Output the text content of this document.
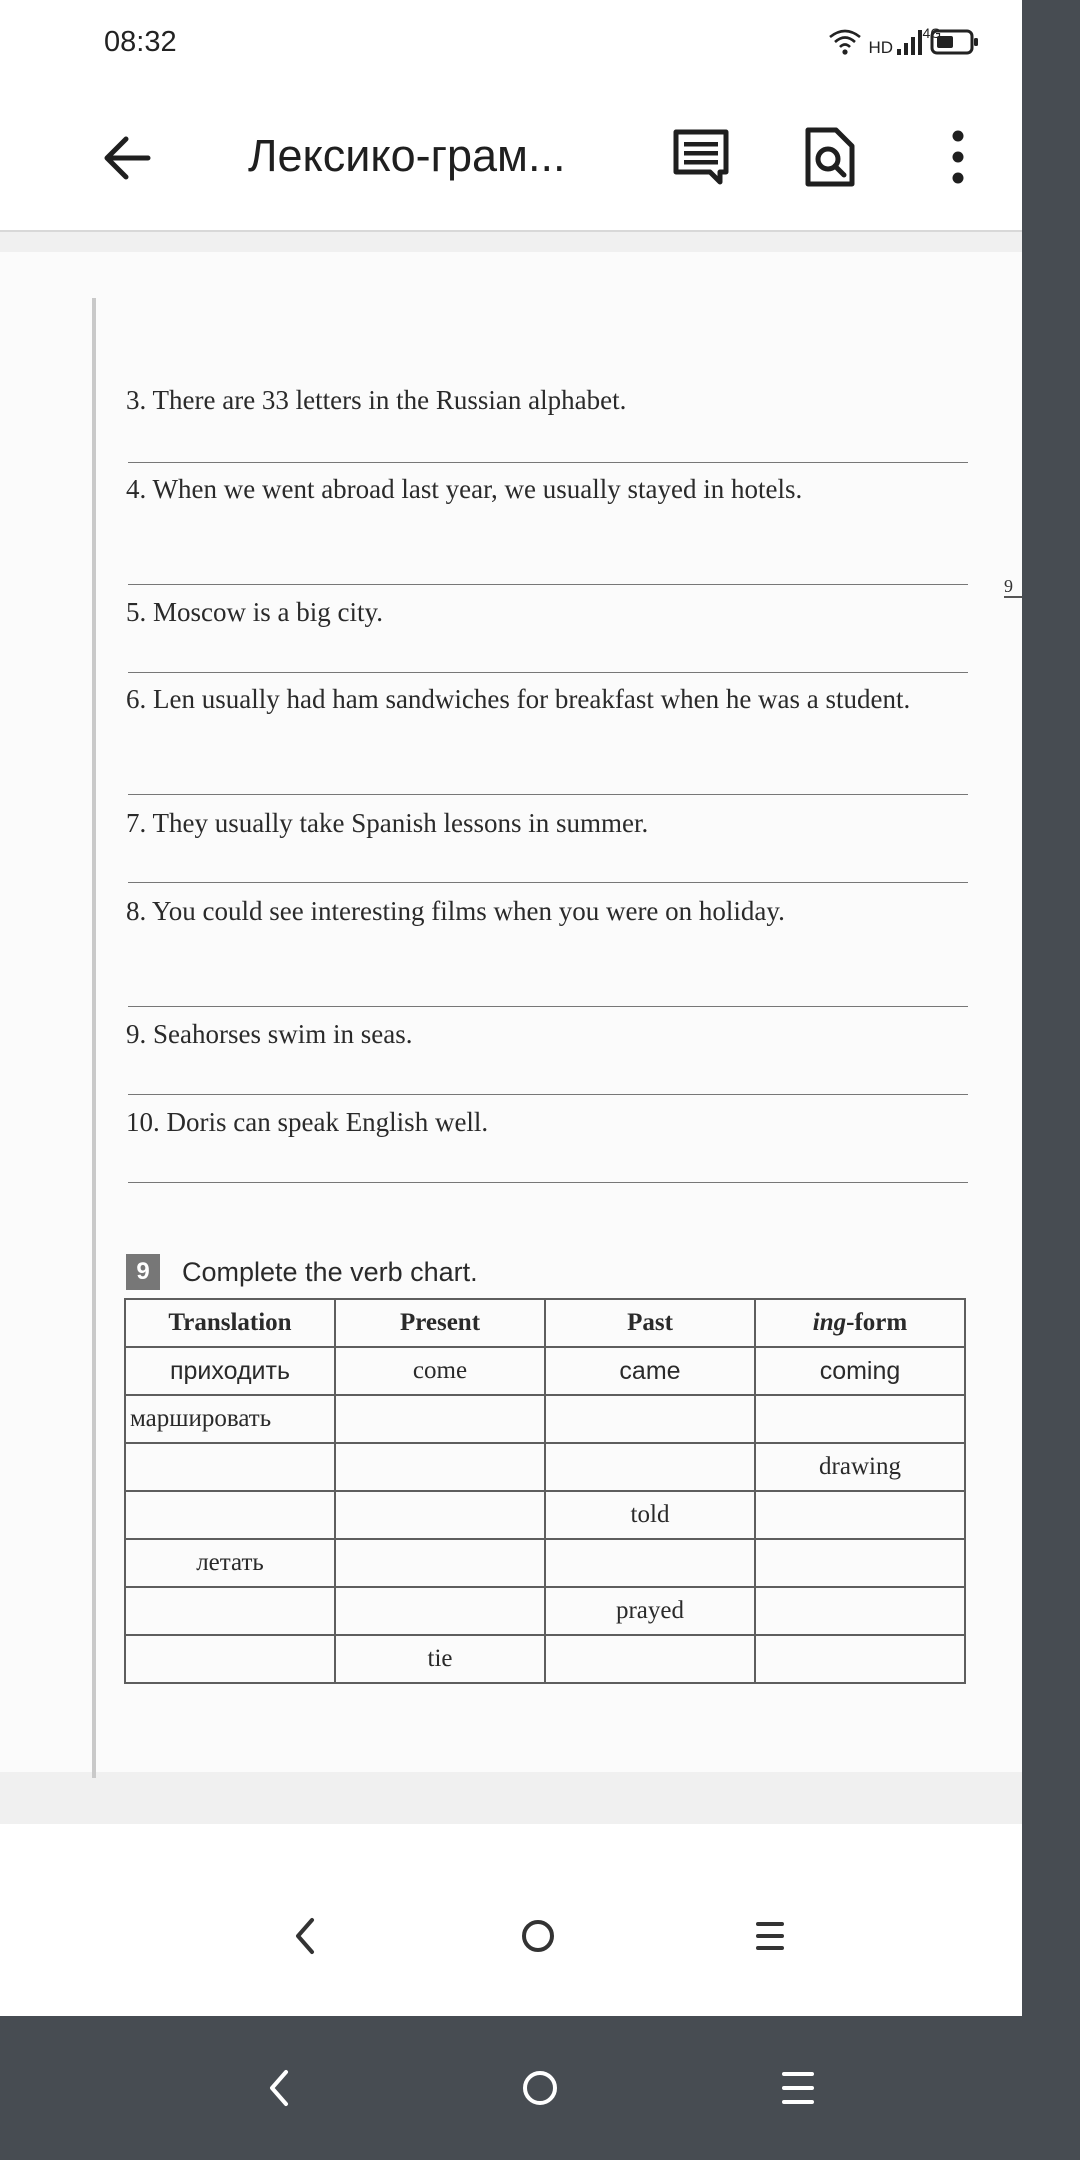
08:32	HD
4G
Лексико-грам...
9
3. There are 33 letters in the Russian alphabet.
4. When we went abroad last year, we usually stayed in hotels.
5. Moscow is a big city.
6. Len usually had ham sandwiches for breakfast when he was a student.
7. They usually take Spanish lessons in summer.
8. You could see interesting films when you were on holiday.
9. Seahorses swim in seas.
10. Doris can speak English well.
9	Complete the verb chart.
Translation	Present	Past	ing-form
приходить	come	came	coming
маршировать			
			drawing
		told	
летать			
		prayed	
	tie		
